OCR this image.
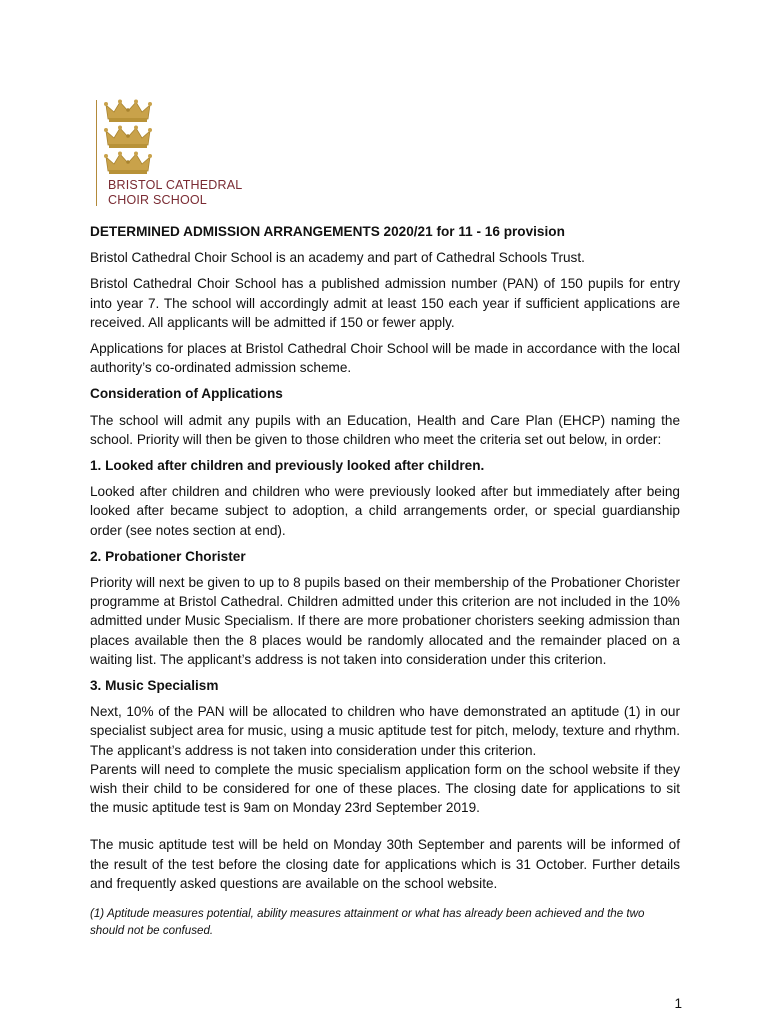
BRISTOL CATHEDRAL
CHOIR SCHOOL
DETERMINED ADMISSION ARRANGEMENTS 2020/21 for 11 - 16 provision

Bristol Cathedral Choir School is an academy and part of Cathedral Schools Trust.

Bristol Cathedral Choir School has a published admission number (PAN) of 150 pupils for entry into year 7. The school will accordingly admit at least 150 each year if sufficient applications are received. All applicants will be admitted if 150 or fewer apply.

Applications for places at Bristol Cathedral Choir School will be made in accordance with the local authority’s co-ordinated admission scheme.

Consideration of Applications

The school will admit any pupils with an Education, Health and Care Plan (EHCP) naming the school. Priority will then be given to those children who meet the criteria set out below, in order:

1. Looked after children and previously looked after children.

Looked after children and children who were previously looked after but immediately after being looked after became subject to adoption, a child arrangements order, or special guardianship order (see notes section at end).

2. Probationer Chorister

Priority will next be given to up to 8 pupils based on their membership of the Probationer Chorister programme at Bristol Cathedral. Children admitted under this criterion are not included in the 10% admitted under Music Specialism. If there are more probationer choristers seeking admission than places available then the 8 places would be randomly allocated and the remainder placed on a waiting list. The applicant’s address is not taken into consideration under this criterion.

3. Music Specialism

Next, 10% of the PAN will be allocated to children who have demonstrated an aptitude (1) in our specialist subject area for music, using a music aptitude test for pitch, melody, texture and rhythm. The applicant’s address is not taken into consideration under this criterion.

Parents will need to complete the music specialism application form on the school website if they wish their child to be considered for one of these places. The closing date for applications to sit the music aptitude test is 9am on Monday 23rd September 2019.

The music aptitude test will be held on Monday 30th September and parents will be informed of the result of the test before the closing date for applications which is 31 October. Further details and frequently asked questions are available on the school website.

(1) Aptitude measures potential, ability measures attainment or what has already been achieved and the two should not be confused.

1
